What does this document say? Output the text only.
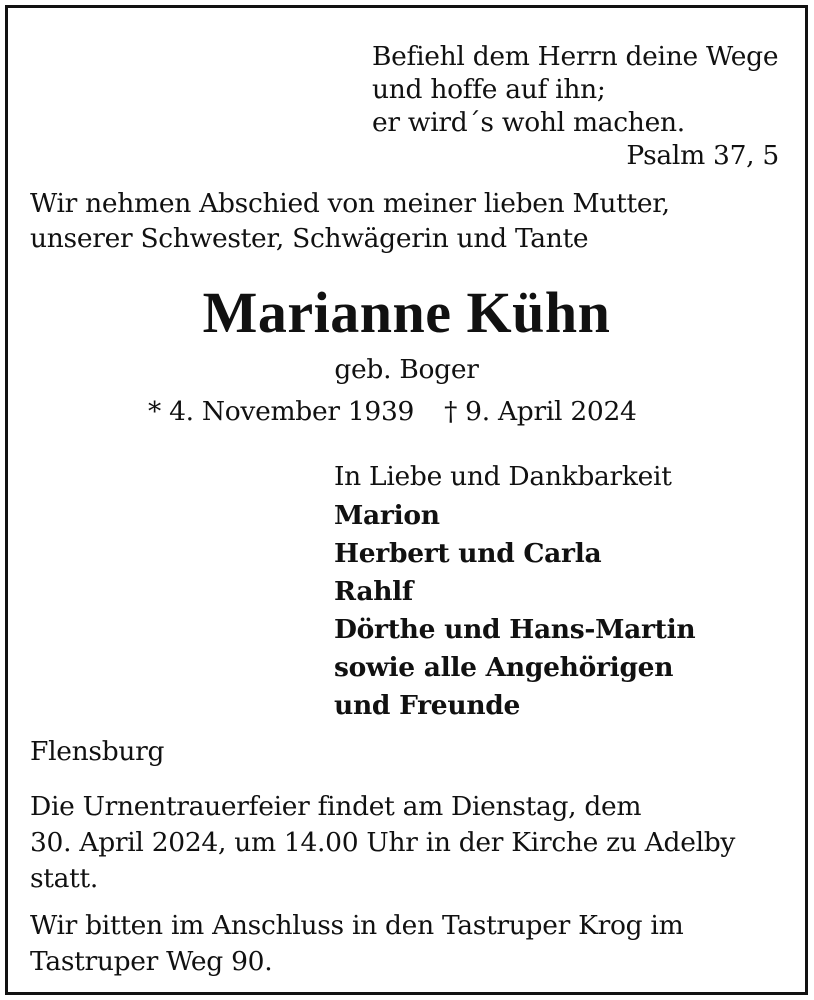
Befiehl dem Herrn deine Wege
und hoffe auf ihn;
er wird´s wohl machen.
Psalm 37, 5
Wir nehmen Abschied von meiner lieben Mutter,
unserer Schwester, Schwägerin und Tante
Marianne Kühn
geb. Boger
* 4. November 1939 † 9. April 2024
In Liebe und Dankbarkeit
Marion
Herbert und Carla
Rahlf
Dörthe und Hans-Martin
sowie alle Angehörigen
und Freunde
Flensburg
Die Urnentrauerfeier findet am Dienstag, dem
30. April 2024, um 14.00 Uhr in der Kirche zu Adelby
statt.
Wir bitten im Anschluss in den Tastruper Krog im
Tastruper Weg 90.
